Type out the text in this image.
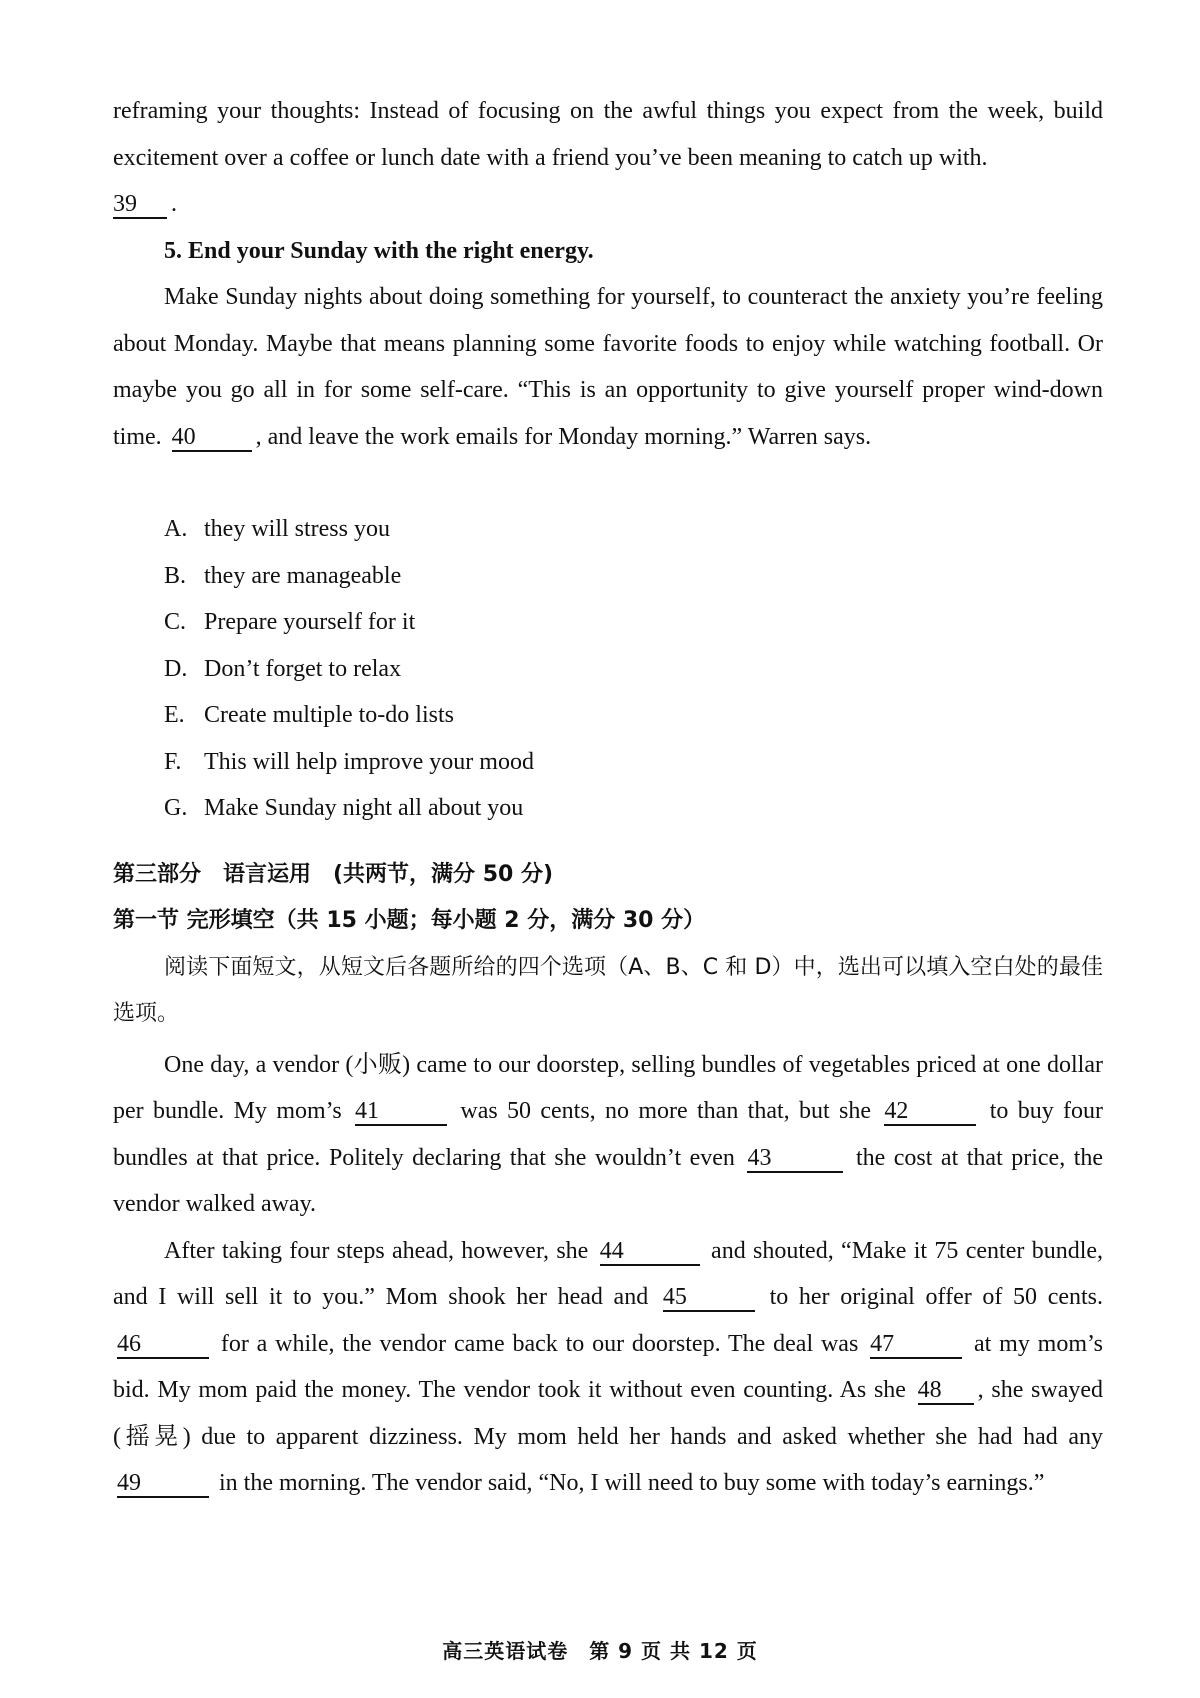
reframing your thoughts: Instead of focusing on the awful things you expect from the week, build excitement over a coffee or lunch date with a friend you’ve been meaning to catch up with.
39 .

5. End your Sunday with the right energy.

Make Sunday nights about doing something for yourself, to counteract the anxiety you’re feeling about Monday. Maybe that means planning some favorite foods to enjoy while watching football. Or maybe you go all in for some self-care. “This is an opportunity to give yourself proper wind-down time. 40	, and leave the work emails for Monday morning.” Warren says.

A. they will stress you
B. they are manageable
C. Prepare yourself for it
D. Don’t forget to relax
E. Create multiple to-do lists
F. This will help improve your mood
G. Make Sunday night all about you

第三部分　语言运用　(共两节，满分 50 分)

第一节 完形填空（共 15 小题；每小题 2 分，满分 30 分）

阅读下面短文，从短文后各题所给的四个选项（A、B、C 和 D）中，选出可以填入空白处的最佳选项。

One day, a vendor (小贩) came to our doorstep, selling bundles of vegetables priced at one dollar per bundle. My mom’s 41	was 50 cents, no more than that, but she 42	to buy four bundles at that price. Politely declaring that she wouldn’t even 43	the cost at that price, the vendor walked away.

After taking four steps ahead, however, she 44	and shouted, “Make it 75 center bundle, and I will sell it to you.” Mom shook her head and 45	to her original offer of 50 cents. 46	for a while, the vendor came back to our doorstep. The deal was 47	at my mom’s bid. My mom paid the money. The vendor took it without even counting. As she 48 , she swayed (摇晃) due to apparent dizziness. My mom held her hands and asked whether she had had any 49	in the morning. The vendor said, “No, I will need to buy some with today’s earnings.”

高三英语试卷　第 9 页 共 12 页
